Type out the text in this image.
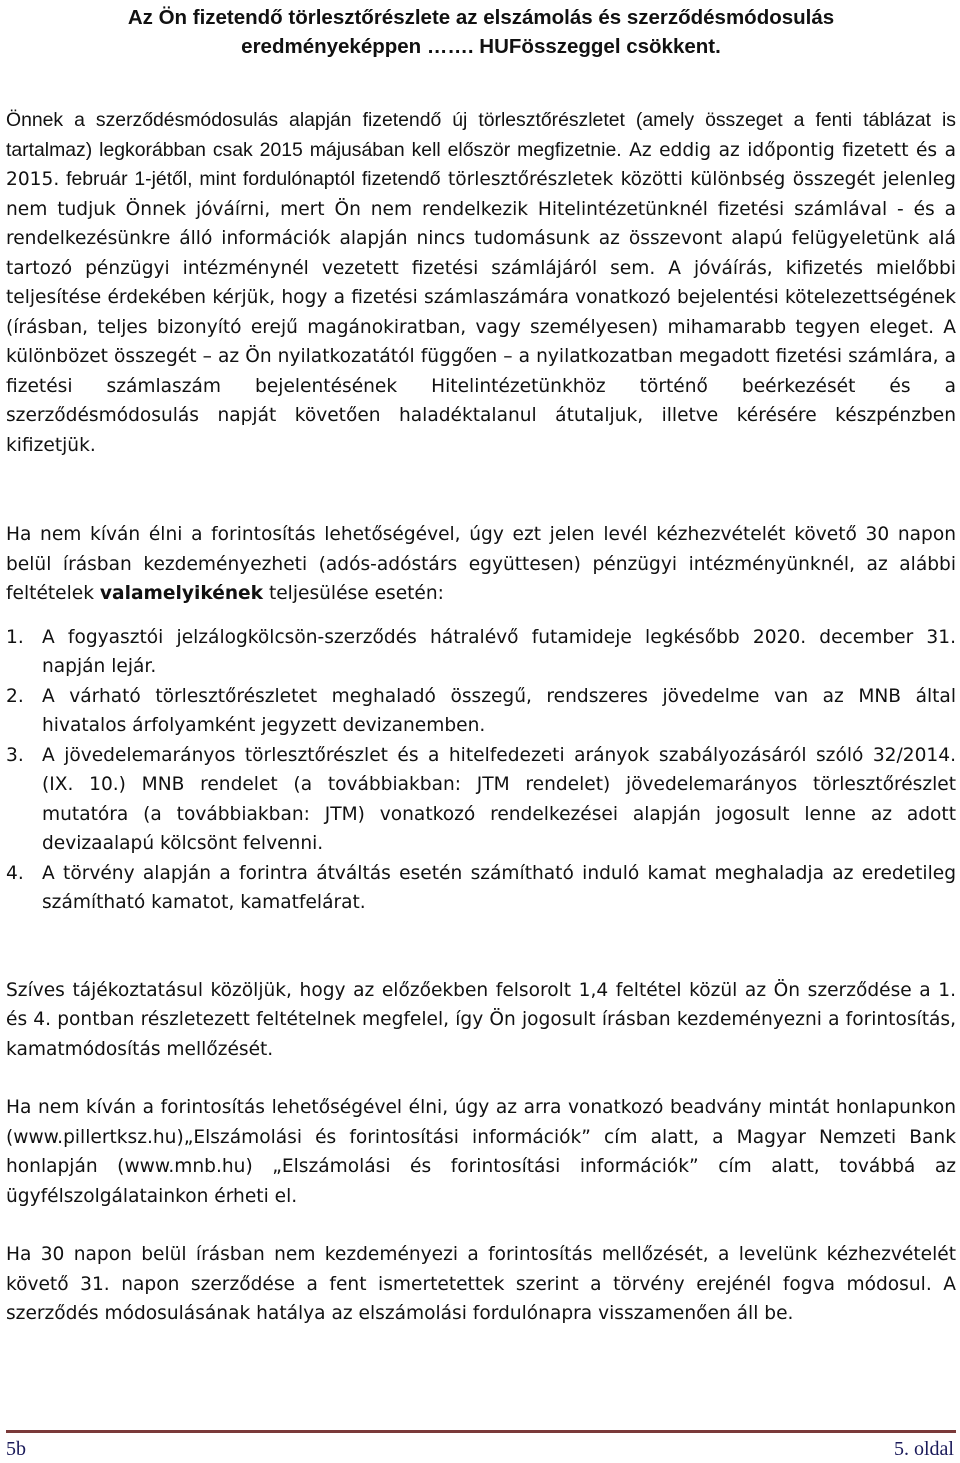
Az Ön fizetendő törlesztőrészlete az elszámolás és szerződésmódosulás
eredményeképpen ……. HUFösszeggel csökkent.

Önnek a szerződésmódosulás alapján fizetendő új törlesztőrészletet (amely összeget a fenti táblázat is tartalmaz) legkorábban csak 2015 májusában kell először megfizetnie. Az eddig az időpontig fizetett és a 2015. február 1-jétől, mint fordulónaptól fizetendő törlesztőrészletek közötti különbség összegét jelenleg nem tudjuk Önnek jóváírni, mert Ön nem rendelkezik Hitelintézetünknél fizetési számlával - és a rendelkezésünkre álló információk alapján nincs tudomásunk az összevont alapú felügyeletünk alá tartozó pénzügyi intézménynél vezetett fizetési számlájáról sem. A jóváírás, kifizetés mielőbbi teljesítése érdekében kérjük, hogy a fizetési számlaszámára vonatkozó bejelentési kötelezettségének (írásban, teljes bizonyító erejű magánokiratban, vagy személyesen) mihamarabb tegyen eleget. A különbözet összegét – az Ön nyilatkozatától függően – a nyilatkozatban megadott fizetési számlára, a fizetési számlaszám bejelentésének Hitelintézetünkhöz történő beérkezését és a szerződésmódosulás napját követően haladéktalanul átutaljuk, illetve kérésére készpénzben kifizetjük.

Ha nem kíván élni a forintosítás lehetőségével, úgy ezt jelen levél kézhezvételét követő 30 napon belül írásban kezdeményezheti (adós-adóstárs együttesen) pénzügyi intézményünknél, az alábbi feltételek valamelyikének teljesülése esetén:

1. A fogyasztói jelzálogkölcsön-szerződés hátralévő futamideje legkésőbb 2020. december 31. napján lejár.
2. A várható törlesztőrészletet meghaladó összegű, rendszeres jövedelme van az MNB által hivatalos árfolyamként jegyzett devizanemben.
3. A jövedelemarányos törlesztőrészlet és a hitelfedezeti arányok szabályozásáról szóló 32/2014. (IX. 10.) MNB rendelet (a továbbiakban: JTM rendelet) jövedelemarányos törlesztőrészlet mutatóra (a továbbiakban: JTM) vonatkozó rendelkezései alapján jogosult lenne az adott devizaalapú kölcsönt felvenni.
4. A törvény alapján a forintra átváltás esetén számítható induló kamat meghaladja az eredetileg számítható kamatot, kamatfelárat.

Szíves tájékoztatásul közöljük, hogy az előzőekben felsorolt 1,4 feltétel közül az Ön szerződése a 1. és 4. pontban részletezett feltételnek megfelel, így Ön jogosult írásban kezdeményezni a forintosítás, kamatmódosítás mellőzését.

Ha nem kíván a forintosítás lehetőségével élni, úgy az arra vonatkozó beadvány mintát honlapunkon (www.pillertksz.hu)„Elszámolási és forintosítási információk” cím alatt, a Magyar Nemzeti Bank honlapján (www.mnb.hu) „Elszámolási és forintosítási információk” cím alatt, továbbá az ügyfélszolgálatainkon érheti el.

Ha 30 napon belül írásban nem kezdeményezi a forintosítás mellőzését, a levelünk kézhezvételét követő 31. napon szerződése a fent ismertetettek szerint a törvény erejénél fogva módosul. A szerződés módosulásának hatálya az elszámolási fordulónapra visszamenően áll be.

5b	5. oldal
